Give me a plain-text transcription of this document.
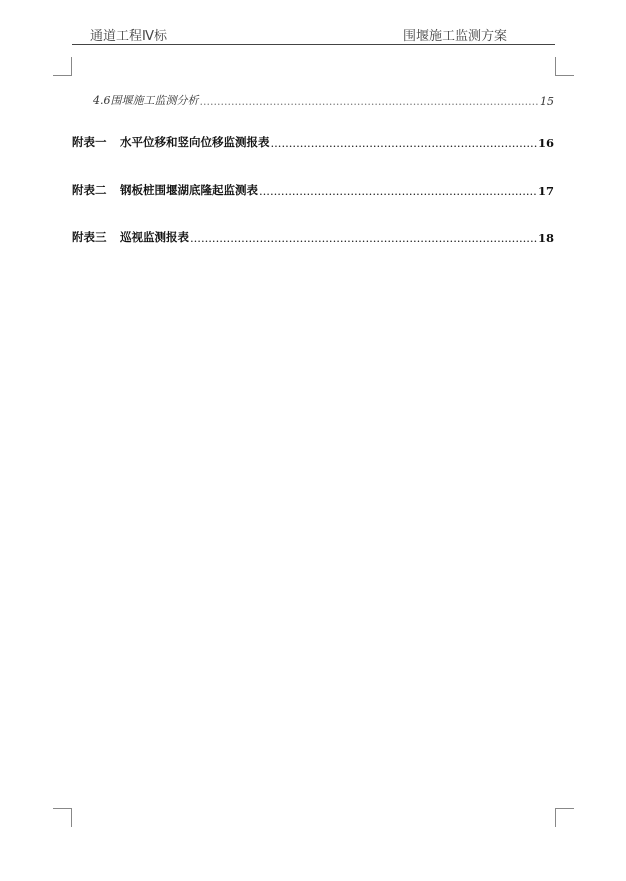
通道工程Ⅳ标	围堰施工监测方案
4.6围堰施工监测分析 .....	15
附表一	水平位移和竖向位移监测报表 .....	16
附表二	钢板桩围堰湖底隆起监测表 .....	17
附表三	巡视监测报表 .....	18
